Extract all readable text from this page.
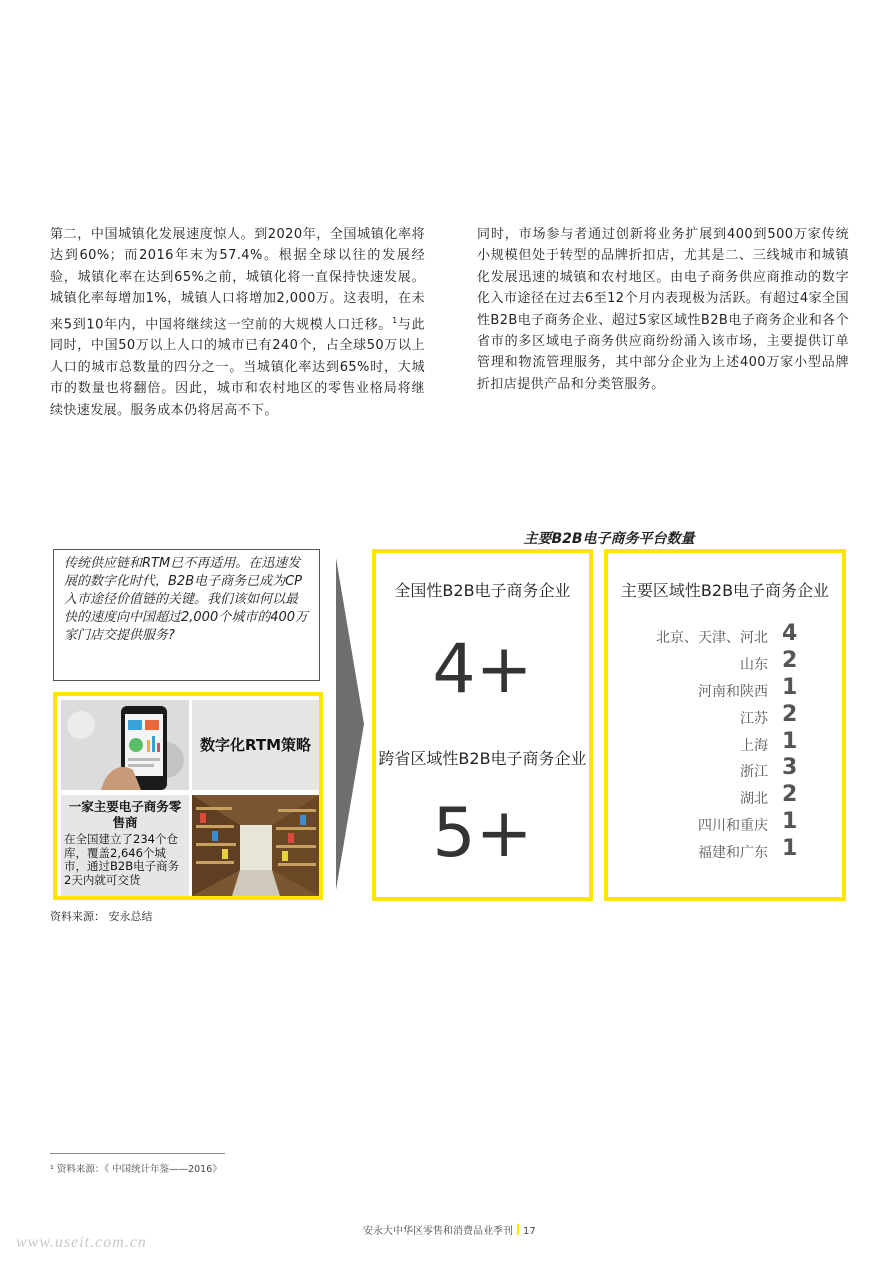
第二，中国城镇化发展速度惊人。到2020年，全国城镇化率将达到60%；而2016年末为57.4%。根据全球以往的发展经验，城镇化率在达到65%之前，城镇化将一直保持快速发展。城镇化率每增加1%，城镇人口将增加2,000万。这表明，在未来5到10年内，中国将继续这一空前的大规模人口迁移。$^1$与此同时，中国50万以上人口的城市已有240个，占全球50万以上人口的城市总数量的四分之一。当城镇化率达到65%时，大城市的数量也将翻倍。因此，城市和农村地区的零售业格局将继续快速发展。服务成本仍将居高不下。

同时，市场参与者通过创新将业务扩展到400到500万家传统小规模但处于转型的品牌折扣店，尤其是二、三线城市和城镇化发展迅速的城镇和农村地区。由电子商务供应商推动的数字化入市途径在过去6至12个月内表现极为活跃。有超过4家全国性B2B电子商务企业、超过5家区域性B2B电子商务企业和各个省市的多区域电子商务供应商纷纷涌入该市场，主要提供订单管理和物流管理服务，其中部分企业为上述400万家小型品牌折扣店提供产品和分类管服务。

主要B2B电子商务平台数量
传统供应链和RTM已不再适用。在迅速发展的数字化时代，B2B电子商务已成为CP入市途径价值链的关键。我们该如何以最快的速度向中国超过2,000个城市的400万家门店交提供服务?
数字化RTM策略
一家主要电子商务零售商
在全国建立了234个仓库，覆盖2,646个城市，通过B2B电子商务2天内就可交货
全国性B2B电子商务企业
4+
跨省区域性B2B电子商务企业
5+
主要区域性B2B电子商务企业
北京、天津、河北 4
山东 2
河南和陕西 1
江苏 2
上海 1
浙江 3
湖北 2
四川和重庆 1
福建和广东 1
资料来源： 安永总结
¹ 资料来源：《 中国统计年鉴——2016》
安永大中华区零售和消费品业季刊 17
www.useit.com.cn
